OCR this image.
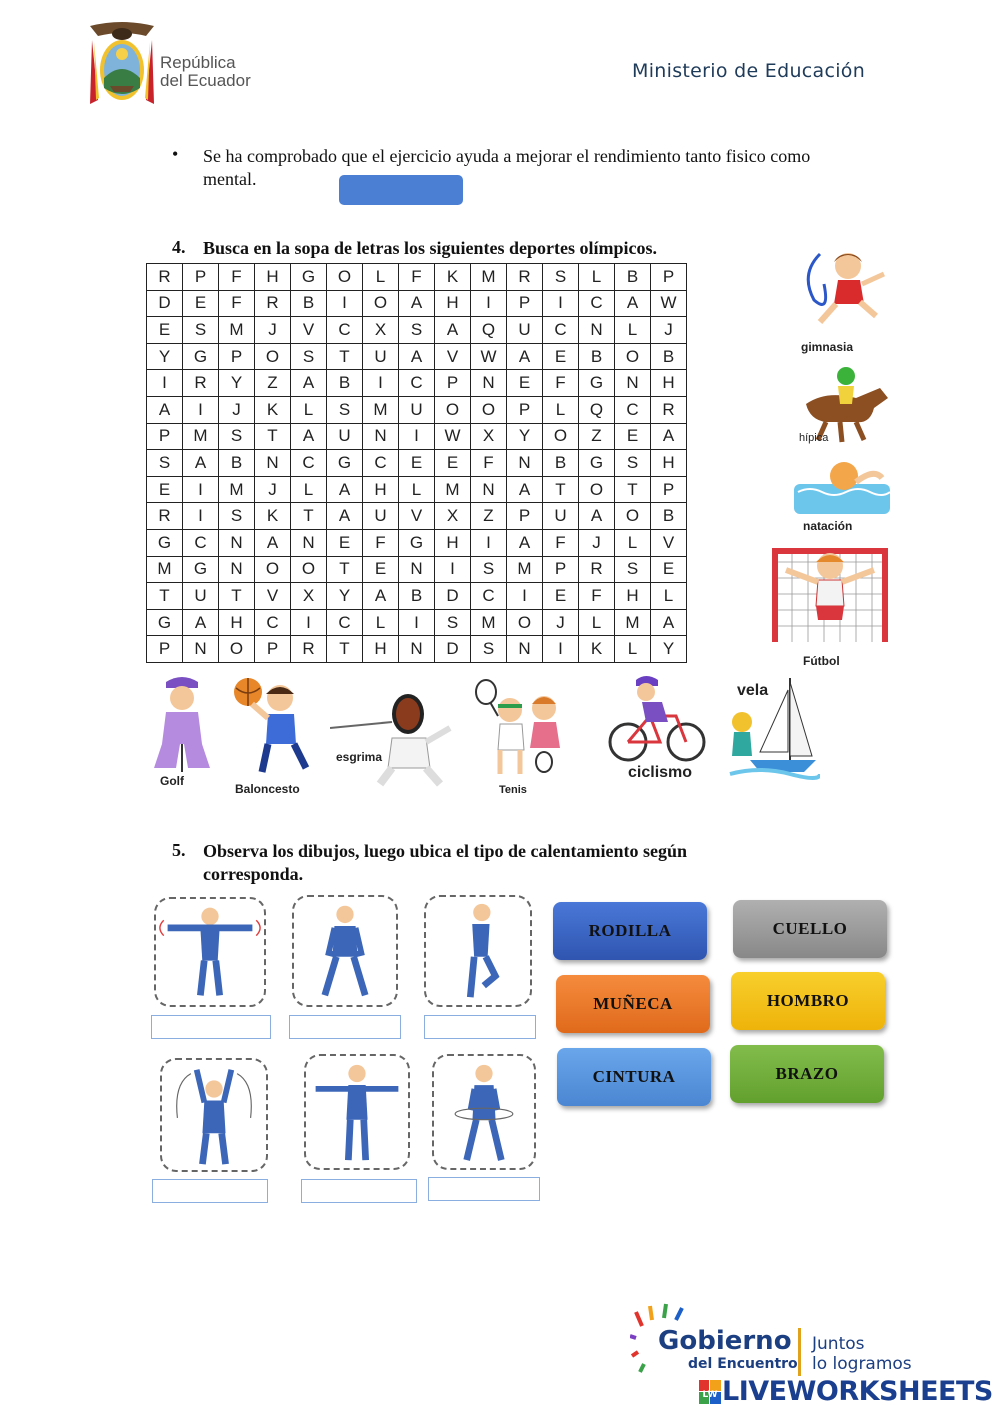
República
del Ecuador	Ministerio de Educación
• Se ha comprobado que el ejercicio ayuda a mejorar el rendimiento tanto fisico como mental.
4. Busca en la sopa de letras los siguientes deportes olímpicos.
R	P	F	H	G	O	L	F	K	M	R	S	L	B	P
D	E	F	R	B	I	O	A	H	I	P	I	C	A	W
E	S	M	J	V	C	X	S	A	Q	U	C	N	L	J
Y	G	P	O	S	T	U	A	V	W	A	E	B	O	B
I	R	Y	Z	A	B	I	C	P	N	E	F	G	N	H
A	I	J	K	L	S	M	U	O	O	P	L	Q	C	R
P	M	S	T	A	U	N	I	W	X	Y	O	Z	E	A
S	A	B	N	C	G	C	E	E	F	N	B	G	S	H
E	I	M	J	L	A	H	L	M	N	A	T	O	T	P
R	I	S	K	T	A	U	V	X	Z	P	U	A	O	B
G	C	N	A	N	E	F	G	H	I	A	F	J	L	V
M	G	N	O	O	T	E	N	I	S	M	P	R	S	E
T	U	T	V	X	Y	A	B	D	C	I	E	F	H	L
G	A	H	C	I	C	L	I	S	M	O	J	L	M	A
P	N	O	P	R	T	H	N	D	S	N	I	K	L	Y
gimnasia
hípica
natación
Fútbol
Golf
Baloncesto
esgrima
Tenis
ciclismo
vela
5. Observa los dibujos, luego ubica el tipo de calentamiento según corresponda.
RODILLA	CUELLO
MUÑECA	HOMBRO
CINTURA	BRAZO
Gobierno
del Encuentro
Juntos
lo logramos
LW LIVEWORKSHEETS
